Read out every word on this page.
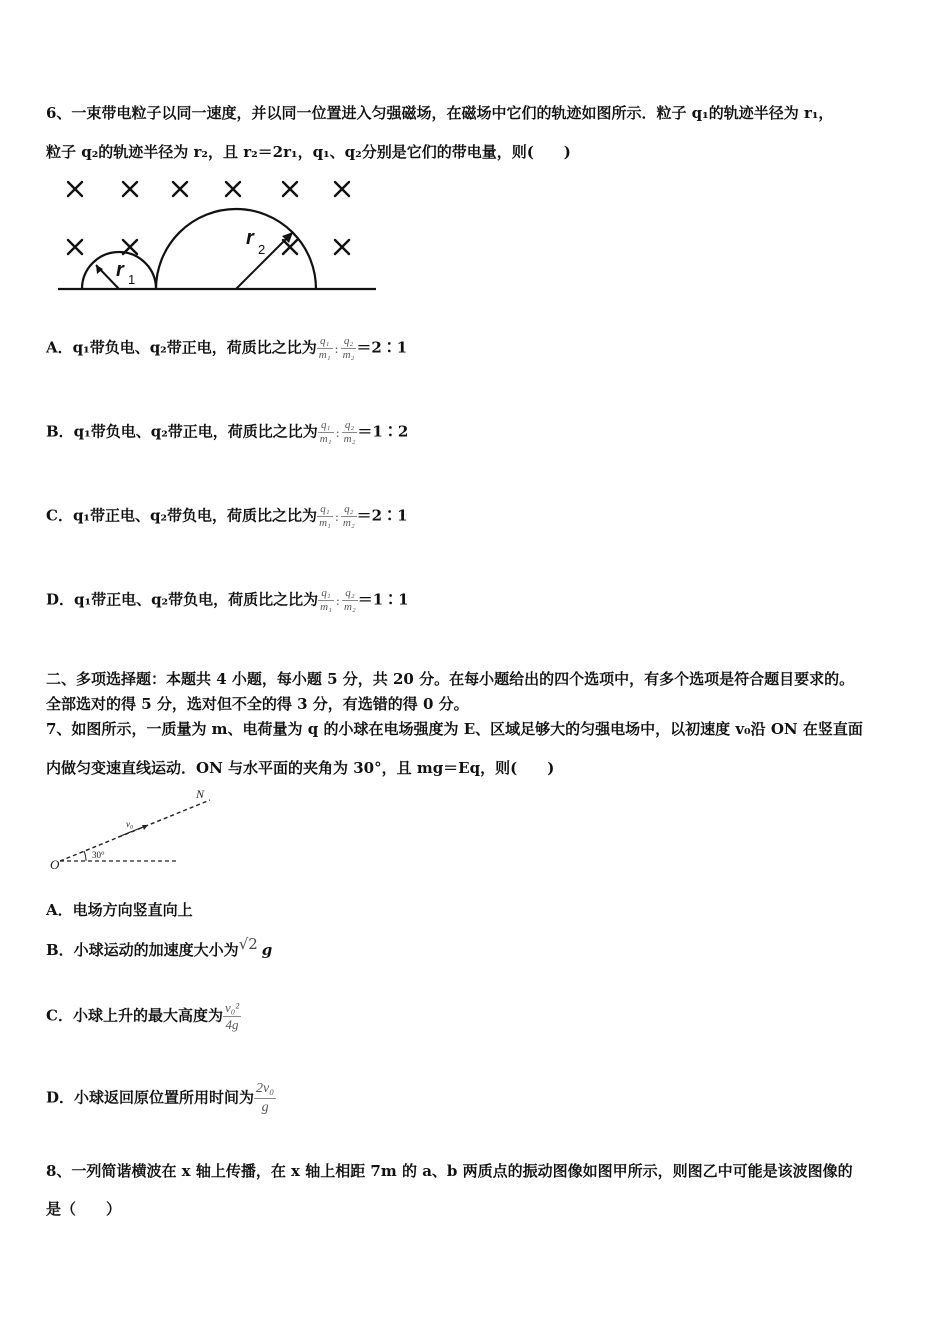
6、一束带电粒子以同一速度，并以同一位置进入匀强磁场，在磁场中它们的轨迹如图所示．粒子 q₁的轨迹半径为 r₁，
粒子 q₂的轨迹半径为 r₂，且 r₂＝2r₁，q₁、q₂分别是它们的带电量，则(　　)
r 1
r
2
A．q₁带负电、q₂带正电，荷质比之比为 $\frac{\text{q₁}}{\text{m₁}}$ : $\frac{\text{q₂}}{\text{m₂}}$ ＝2∶1
B．q₁带负电、q₂带正电，荷质比之比为 $\frac{\text{q₁}}{\text{m₁}}$ : $\frac{\text{q₂}}{\text{m₂}}$ ＝1∶2
C．q₁带正电、q₂带负电，荷质比之比为 $\frac{\text{q₁}}{\text{m₁}}$ : $\frac{\text{q₂}}{\text{m₂}}$ ＝2∶1
D．q₁带正电、q₂带负电，荷质比之比为 $\frac{\text{q₁}}{\text{m₁}}$ : $\frac{\text{q₂}}{\text{m₂}}$ ＝1∶1
二、多项选择题：本题共 4 小题，每小题 5 分，共 20 分。在每小题给出的四个选项中，有多个选项是符合题目要求的。
全部选对的得 5 分，选对但不全的得 3 分，有选错的得 0 分。
7、如图所示，一质量为 m、电荷量为 q 的小球在电场强度为 E、区域足够大的匀强电场中，以初速度 v₀沿 ON 在竖直面
内做匀变速直线运动．ON 与水平面的夹角为 30°，且 mg＝Eq，则(　　)
O
N
v₀
30°
A．电场方向竖直向上
B．小球运动的加速度大小为√2 g
C．小球上升的最大高度为 $\frac{\text{v₀²}}{4g}$
D．小球返回原位置所用时间为 $\frac{\text{2v₀}}{g}$
8、一列简谐横波在 x 轴上传播，在 x 轴上相距 7m 的 a、b 两质点的振动图像如图甲所示，则图乙中可能是该波图像的
是（　　）
